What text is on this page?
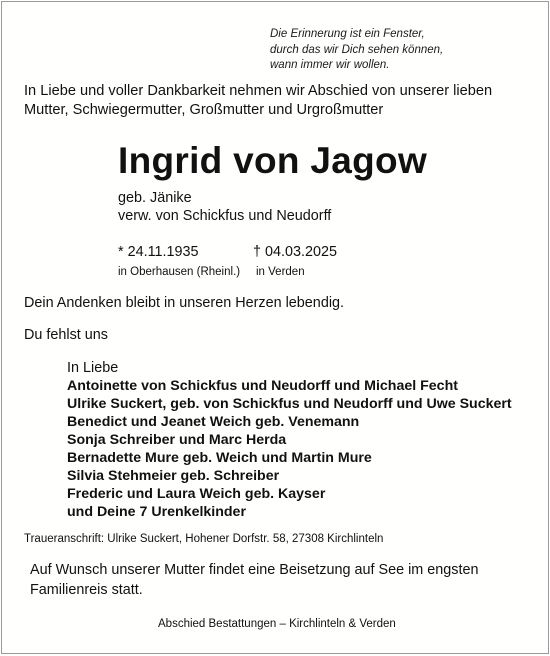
Die Erinnerung ist ein Fenster,
durch das wir Dich sehen können,
wann immer wir wollen.
In Liebe und voller Dankbarkeit nehmen wir Abschied von unserer lieben Mutter, Schwiegermutter, Großmutter und Urgroßmutter
Ingrid von Jagow
geb. Jänike
verw. von Schickfus und Neudorff
* 24.11.1935	† 04.03.2025
in Oberhausen (Rheinl.) in Verden
Dein Andenken bleibt in unseren Herzen lebendig.
Du fehlst uns
In Liebe
Antoinette von Schickfus und Neudorff und Michael Fecht
Ulrike Suckert, geb. von Schickfus und Neudorff und Uwe Suckert
Benedict und Jeanet Weich geb. Venemann
Sonja Schreiber und Marc Herda
Bernadette Mure geb. Weich und Martin Mure
Silvia Stehmeier geb. Schreiber
Frederic und Laura Weich geb. Kayser
und Deine 7 Urenkelkinder
Traueranschrift: Ulrike Suckert, Hohener Dorfstr. 58, 27308 Kirchlinteln
Auf Wunsch unserer Mutter findet eine Beisetzung auf See im engsten Familienreis statt.
Abschied Bestattungen – Kirchlinteln & Verden
